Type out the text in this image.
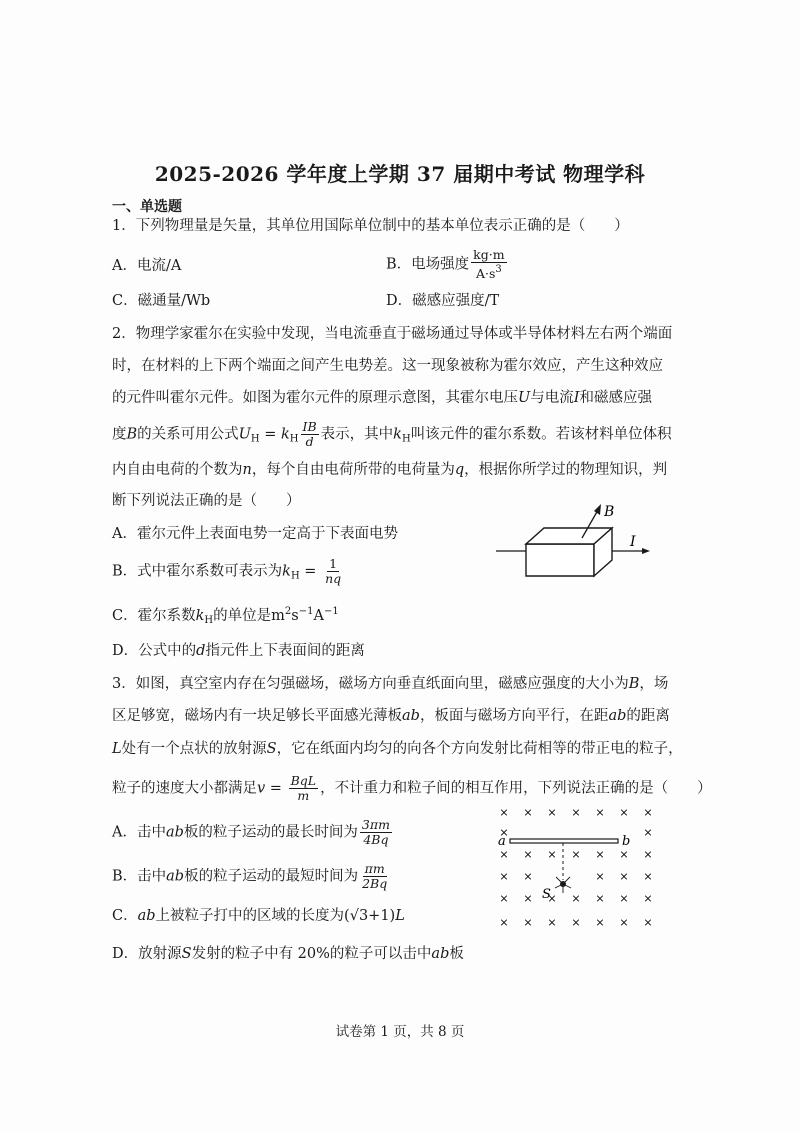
2025-2026 学年度上学期 37 届期中考试 物理学科
一、单选题
1．下列物理量是矢量，其单位用国际单位制中的基本单位表示正确的是（　　）
A．电流/A	B．电场强度 $\frac{kg\cdot m}{A\cdot s^3}$
C．磁通量/Wb	D．磁感应强度/T
2．物理学家霍尔在实验中发现，当电流垂直于磁场通过导体或半导体材料左右两个端面
时，在材料的上下两个端面之间产生电势差。这一现象被称为霍尔效应，产生这种效应
的元件叫霍尔元件。如图为霍尔元件的原理示意图，其霍尔电压U与电流I和磁感应强
度B的关系可用公式$U_H = k_H \frac{IB}{d}$ 表示，其中$k_H$叫该元件的霍尔系数。若该材料单位体积
内自由电荷的个数为n，每个自由电荷所带的电荷量为q，根据你所学过的物理知识，判
断下列说法正确的是（　　）
A．霍尔元件上表面电势一定高于下表面电势
B．式中霍尔系数可表示为$k_H = \frac{1}{nq}$
C．霍尔系数$k_H$的单位是$m^2s^{-1}A^{-1}$
D．公式中的d指元件上下表面间的距离
B
I
3．如图，真空室内存在匀强磁场，磁场方向垂直纸面向里，磁感应强度的大小为B，场
区足够宽，磁场内有一块足够长平面感光薄板ab，板面与磁场方向平行，在距ab的距离
L处有一个点状的放射源S，它在纸面内均匀的向各个方向发射比荷相等的带正电的粒子，
粒子的速度大小都满足$v = \frac{\text{BqL}}{m}$ ，不计重力和粒子间的相互作用，下列说法正确的是（　　）
A．击中ab板的粒子运动的最长时间为 $\frac{3\pi m}{4Bq}$
B．击中ab板的粒子运动的最短时间为 $\frac{\pi m}{2Bq}$
C．ab上被粒子打中的区域的长度为(√3+1)L
D．放射源S发射的粒子中有 20%的粒子可以击中ab板
× × × × × × ×
×	×
× × × × × × ×
× ×	× × ×
× × × × × × ×
× × × × × × ×
a	b
S
试卷第 1 页，共 8 页
